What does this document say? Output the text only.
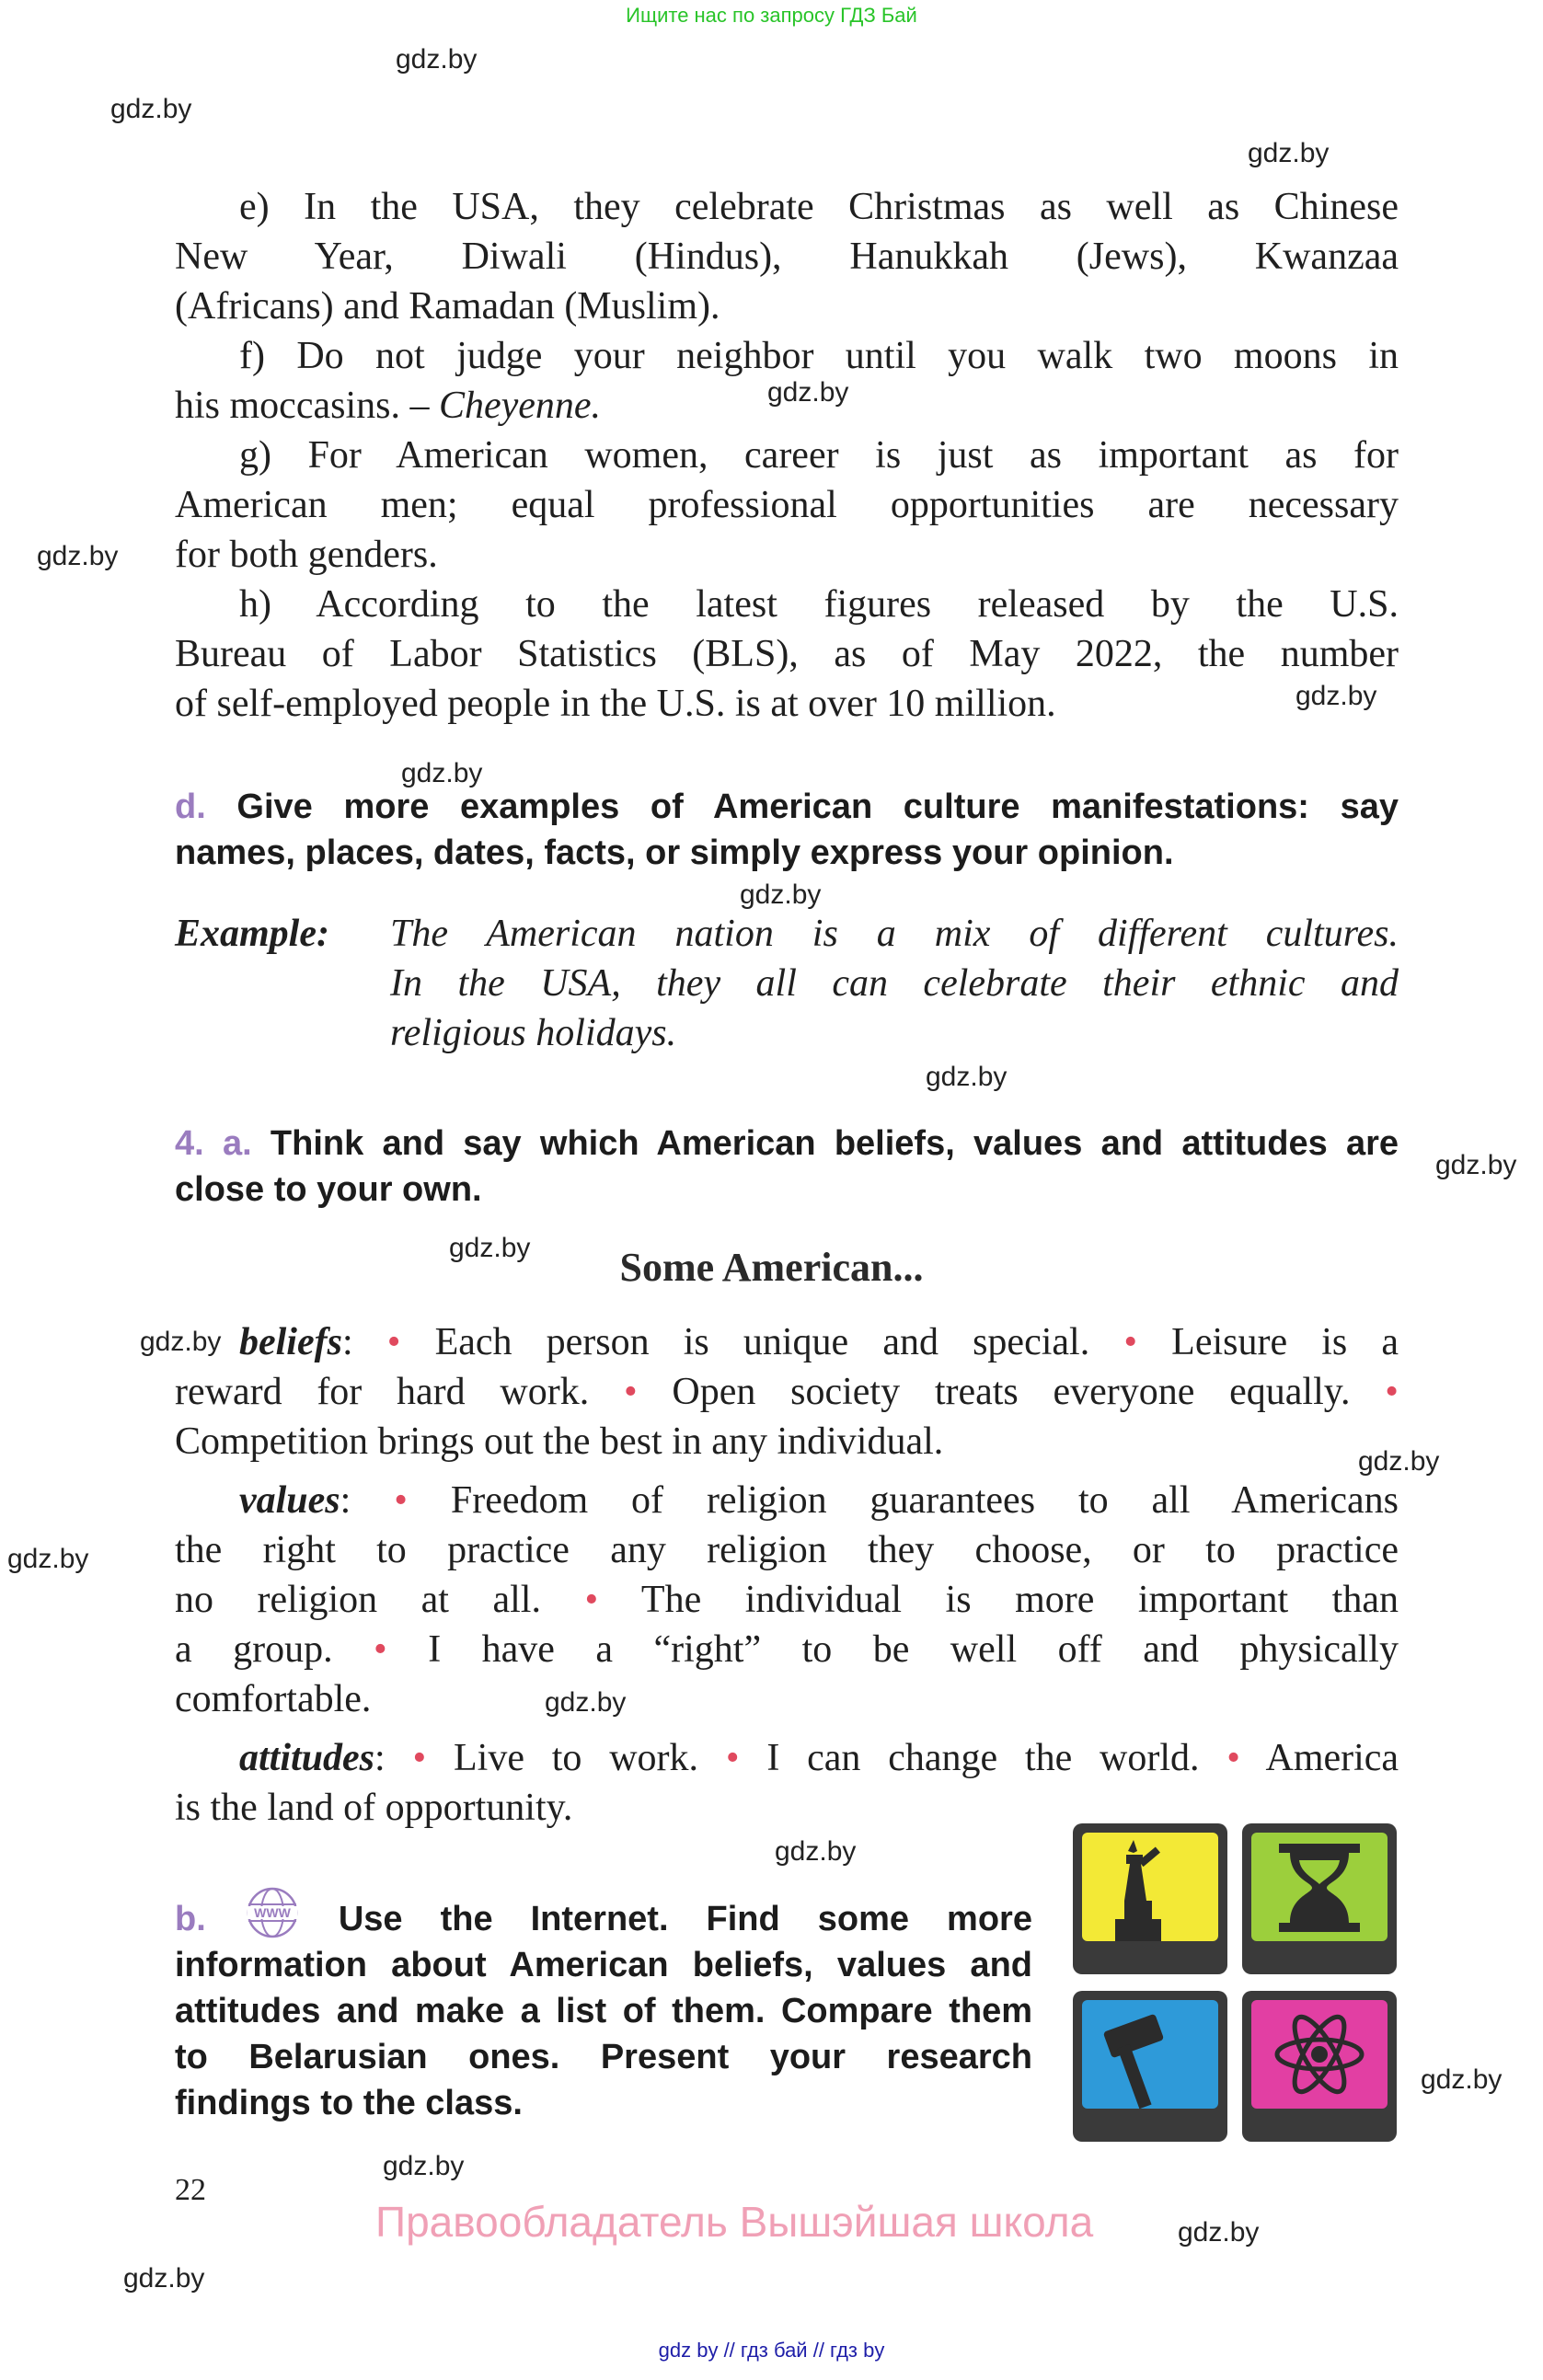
Ищите нас по запросу ГДЗ Бай
gdz.by
gdz.by
gdz.by
gdz.by
gdz.by
gdz.by
gdz.by
gdz.by
gdz.by
gdz.by
gdz.by
gdz.by
gdz.by
gdz.by
gdz.by
gdz.by
gdz.by
gdz.by
gdz.by
gdz.by
e) In the USA, they celebrate Christmas as well as Chinese
New Year, Diwali (Hindus), Hanukkah (Jews), Kwanzaa
(Africans) and Ramadan (Muslim).
f) Do not judge your neighbor until you walk two moons in
his moccasins. – Cheyenne.
g) For American women, career is just as important as for
American men; equal professional opportunities are necessary
for both genders.
h) According to the latest figures released by the U.S.
Bureau of Labor Statistics (BLS), as of May 2022, the number
of self-employed people in the U.S. is at over 10 million.
d. Give more examples of American culture manifestations: say
names, places, dates, facts, or simply express your opinion.
Example: The American nation is a mix of different cultures.
In the USA, they all can celebrate their ethnic and
religious holidays.
4. a. Think and say which American beliefs, values and attitudes are
close to your own.
Some American...
beliefs: • Each person is unique and special. • Leisure is a
reward for hard work. • Open society treats everyone equally. •
Competition brings out the best in any individual.
values: • Freedom of religion guarantees to all Americans
the right to practice any religion they choose, or to practice
no religion at all. • The individual is more important than
a group. • I have a “right” to be well off and physically
comfortable.
attitudes: • Live to work. • I can change the world. • America
is the land of opportunity.
b.	WWW Use the Internet. Find some more
information about American beliefs, values and
attitudes and make a list of them. Compare them
to Belarusian ones. Present your research
findings to the class.
22
Правообладатель Вышэйшая школа
gdz by // гдз бай // гдз by
